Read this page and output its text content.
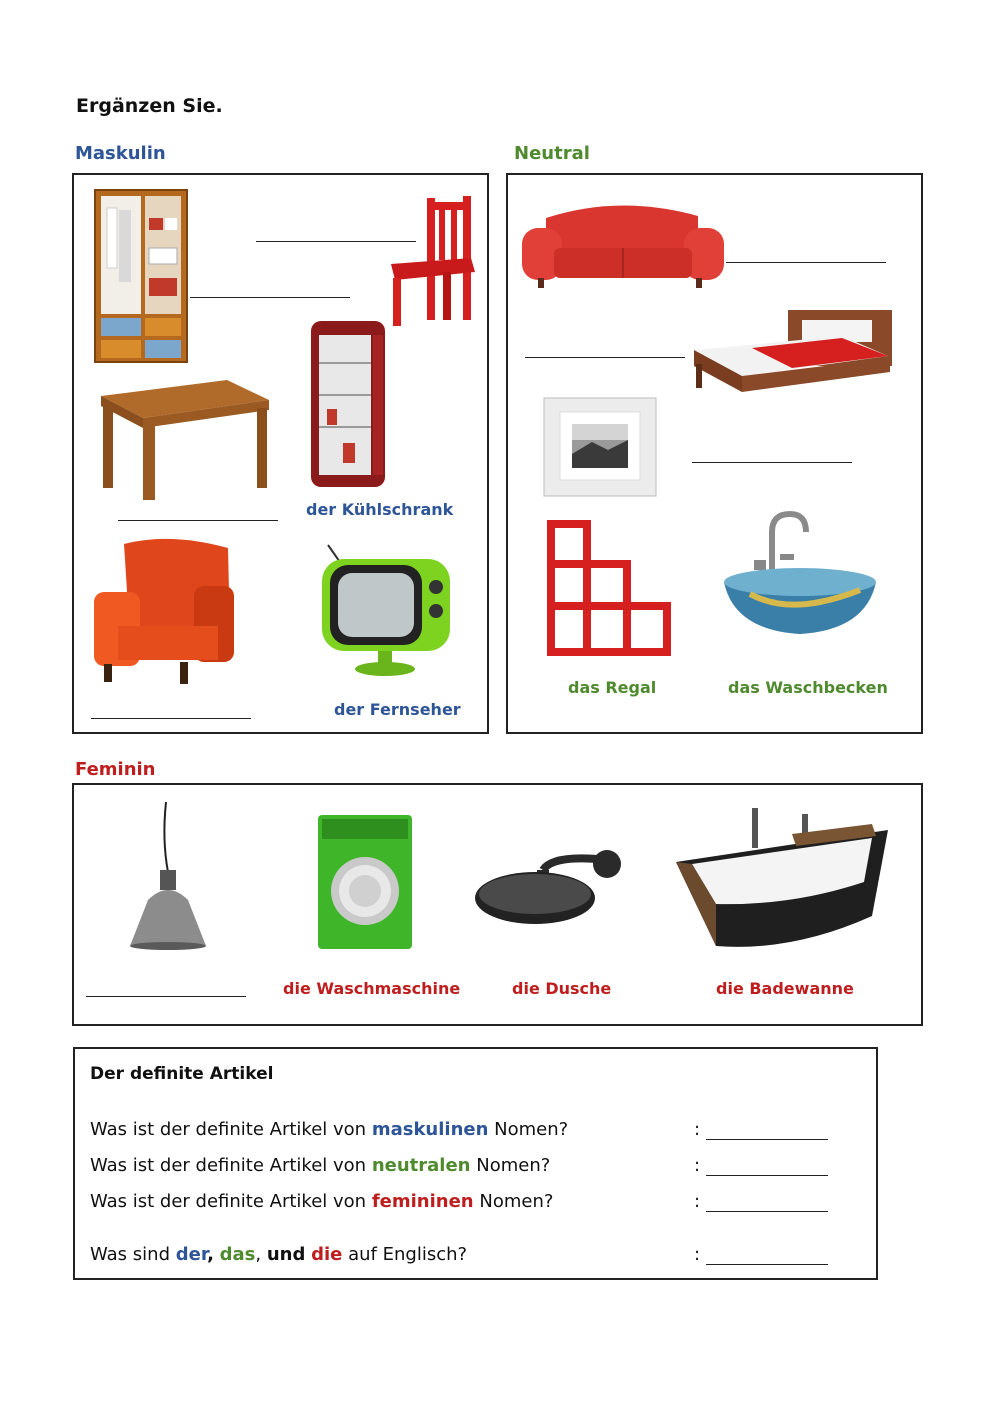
Ergänzen Sie.
Maskulin
der Kühlschrank
der Fernseher
Neutral
das Regal	das Waschbecken
Feminin
die Waschmaschine	die Dusche	die Badewanne
Der definite Artikel
Was ist der definite Artikel von maskulinen Nomen?	:
Was ist der definite Artikel von neutralen Nomen?	:
Was ist der definite Artikel von femininen Nomen?	:
Was sind der, das, und die auf Englisch?	:
